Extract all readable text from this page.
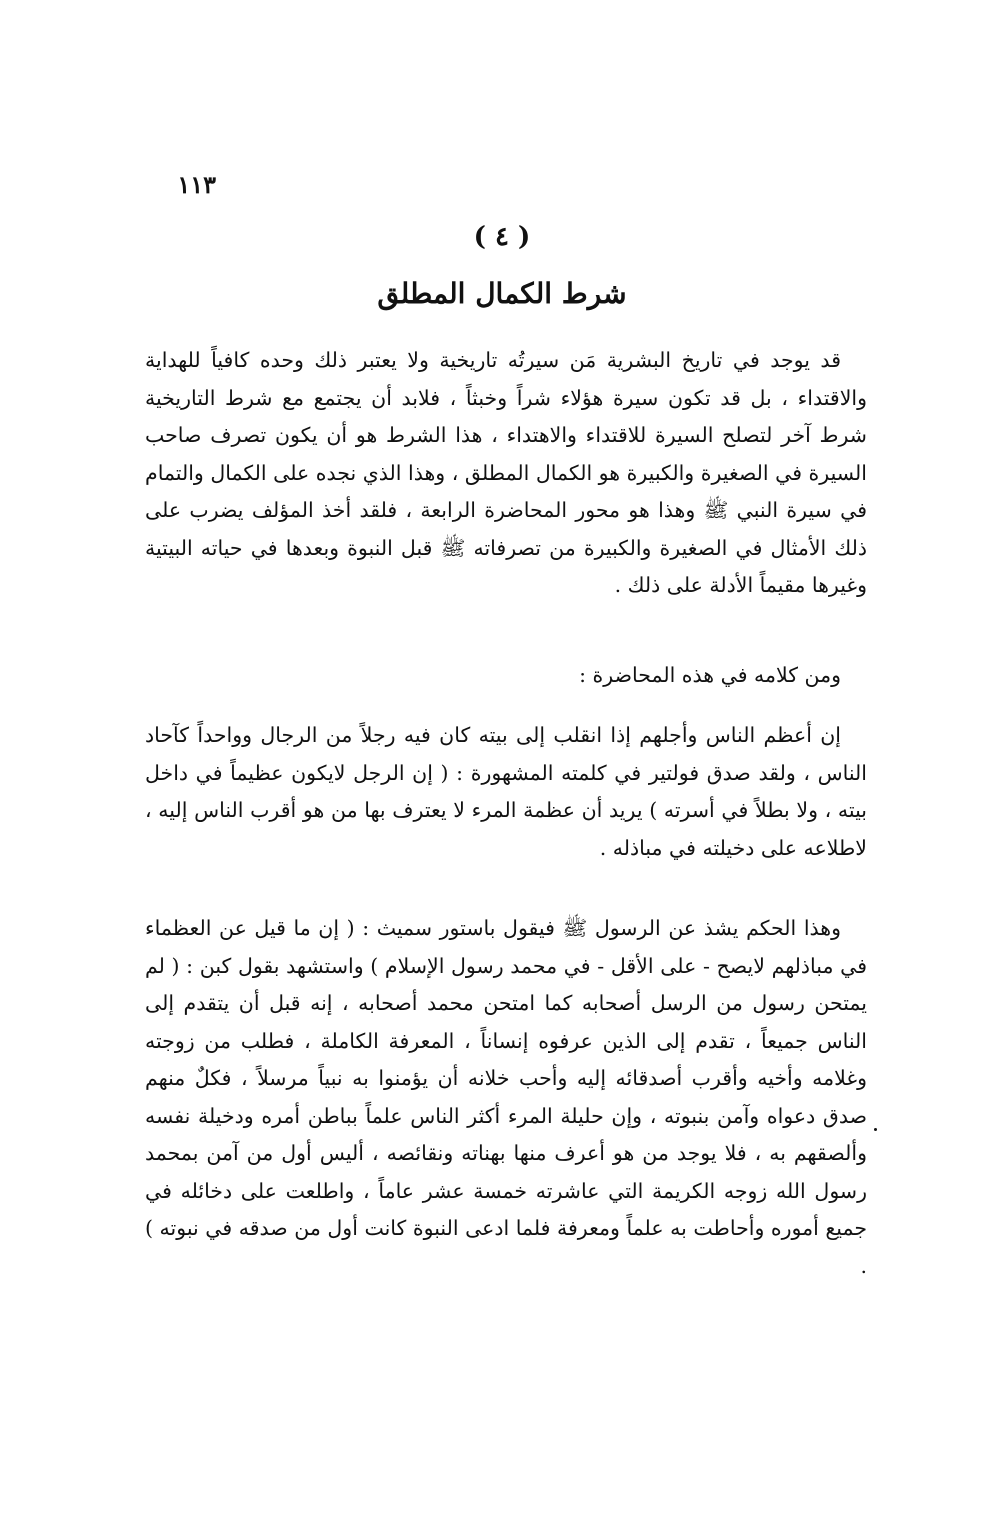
١١٣
( ٤ )
شرط الكمال المطلق

قد يوجد في تاريخ البشرية مَن سيرتُه تاريخية ولا يعتبر ذلك وحده كافياً للهداية والاقتداء ، بل قد تكون سيرة هؤلاء شراً وخبثاً ، فلابد أن يجتمع مع شرط التاريخية شرط آخر لتصلح السيرة للاقتداء والاهتداء ، هذا الشرط هو أن يكون تصرف صاحب السيرة في الصغيرة والكبيرة هو الكمال المطلق ، وهذا الذي نجده على الكمال والتمام في سيرة النبي ﷺ وهذا هو محور المحاضرة الرابعة ، فلقد أخذ المؤلف يضرب على ذلك الأمثال في الصغيرة والكبيرة من تصرفاته ﷺ قبل النبوة وبعدها في حياته البيتية وغيرها مقيماً الأدلة على ذلك .

ومن كلامه في هذه المحاضرة :

إن أعظم الناس وأجلهم إذا انقلب إلى بيته كان فيه رجلاً من الرجال وواحداً كآحاد الناس ، ولقد صدق فولتير في كلمته المشهورة : ( إن الرجل لايكون عظيماً في داخل بيته ، ولا بطلاً في أسرته ) يريد أن عظمة المرء لا يعترف بها من هو أقرب الناس إليه ، لاطلاعه على دخيلته في مباذله .

وهذا الحكم يشذ عن الرسول ﷺ فيقول باستور سميث : ( إن ما قيل عن العظماء في مباذلهم لايصح - على الأقل - في محمد رسول الإسلام ) واستشهد بقول كبن : ( لم يمتحن رسول من الرسل أصحابه كما امتحن محمد أصحابه ، إنه قبل أن يتقدم إلى الناس جميعاً ، تقدم إلى الذين عرفوه إنساناً ، المعرفة الكاملة ، فطلب من زوجته وغلامه وأخيه وأقرب أصدقائه إليه وأحب خلانه أن يؤمنوا به نبياً مرسلاً ، فكلٌ منهم صدق دعواه وآمن بنبوته ، وإن حليلة المرء أكثر الناس علماً بباطن أمره ودخيلة نفسه وألصقهم به ، فلا يوجد من هو أعرف منها بهناته ونقائصه ، أليس أول من آمن بمحمد رسول الله زوجه الكريمة التي عاشرته خمسة عشر عاماً ، واطلعت على دخائله في جميع أموره وأحاطت به علماً ومعرفة فلما ادعى النبوة كانت أول من صدقه في نبوته ) .
